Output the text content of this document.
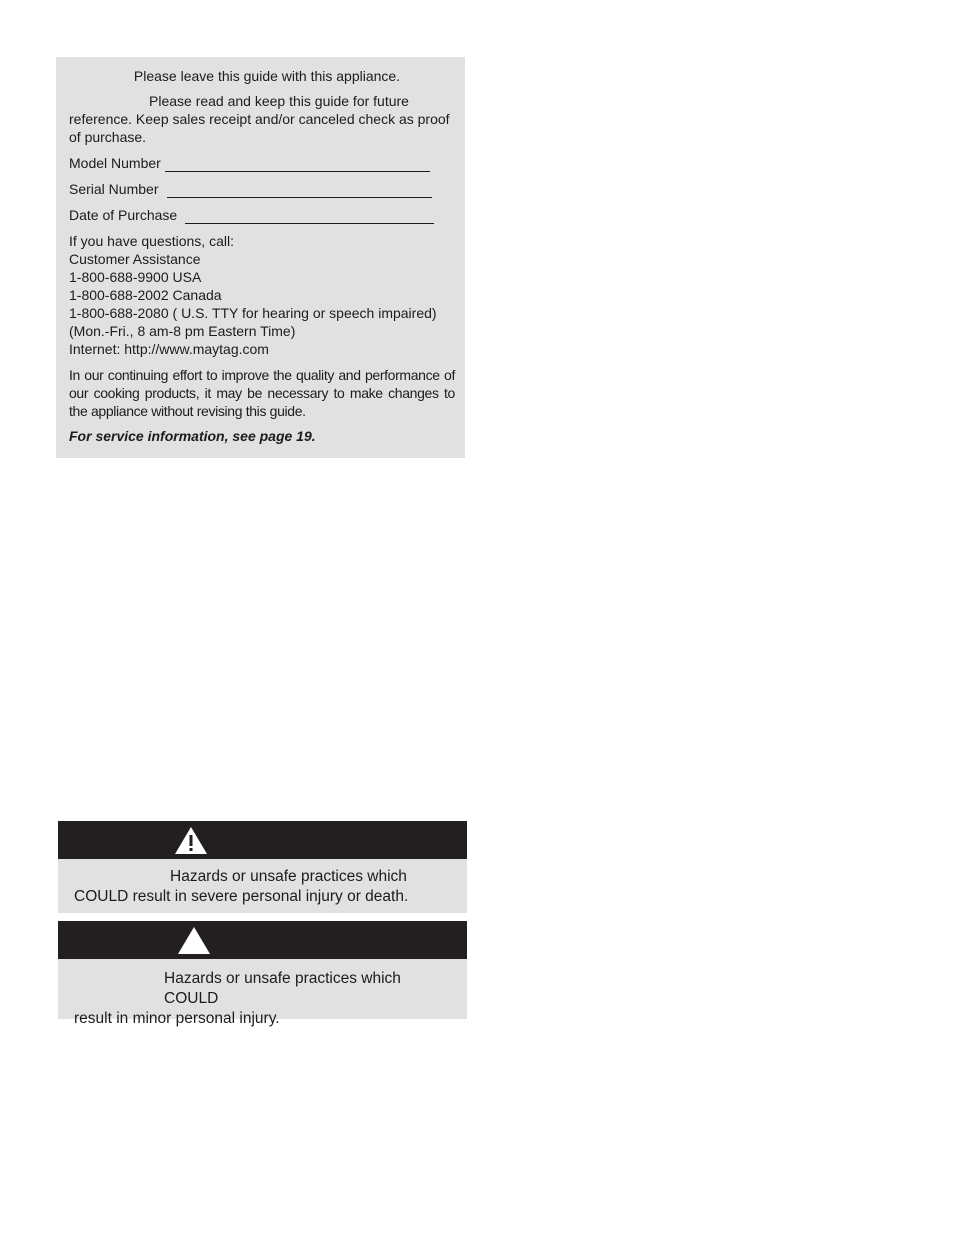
Please leave this guide with this appliance.

Please read and keep this guide for future
reference. Keep sales receipt and/or canceled check as proof of purchase.

Model Number
Serial Number
Date of Purchase
If you have questions, call:
Customer Assistance
1-800-688-9900 USA
1-800-688-2002 Canada
1-800-688-2080 ( U.S. TTY for hearing or speech impaired)
(Mon.-Fri., 8 am-8 pm Eastern Time)
Internet: http://www.maytag.com

In our continuing effort to improve the quality and performance of our cooking products, it may be necessary to make changes to the appliance without revising this guide.

For service information, see page 19.

Hazards or unsafe practices which
COULD result in severe personal injury or death.
Hazards or unsafe practices which COULD
result in minor personal injury.
